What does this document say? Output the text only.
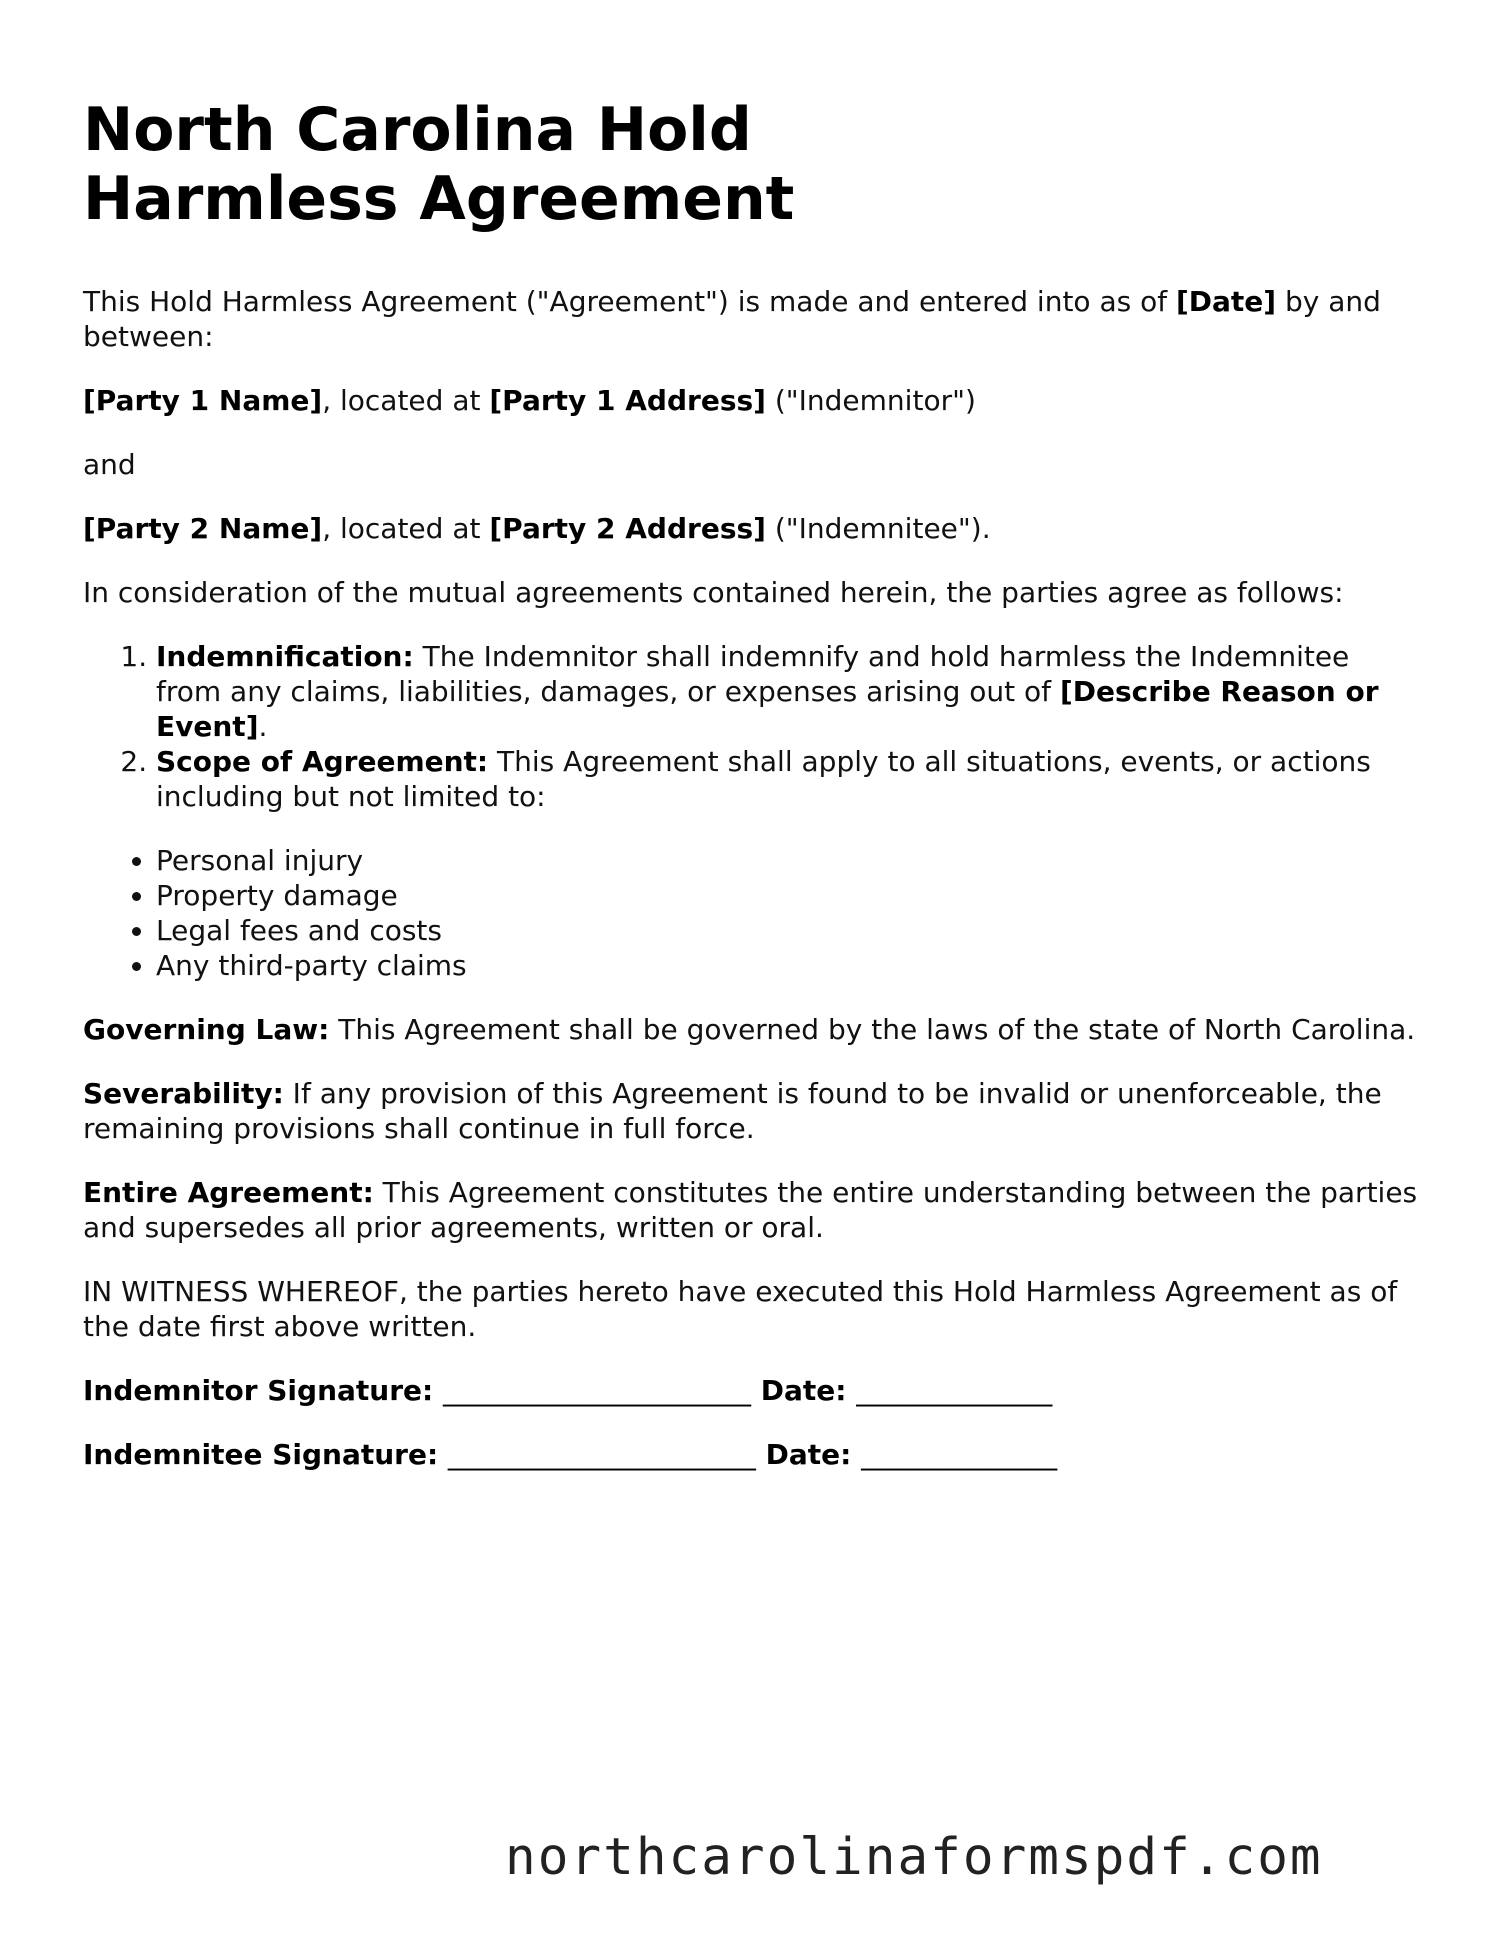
North Carolina Hold Harmless Agreement

This Hold Harmless Agreement ("Agreement") is made and entered into as of [Date] by and between:

[Party 1 Name], located at [Party 1 Address] ("Indemnitor")

and

[Party 2 Name], located at [Party 2 Address] ("Indemnitee").

In consideration of the mutual agreements contained herein, the parties agree as follows:

1. Indemnification: The Indemnitor shall indemnify and hold harmless the Indemnitee from any claims, liabilities, damages, or expenses arising out of [Describe Reason or Event].
2. Scope of Agreement: This Agreement shall apply to all situations, events, or actions including but not limited to:
• Personal injury
• Property damage
• Legal fees and costs
• Any third-party claims

Governing Law: This Agreement shall be governed by the laws of the state of North Carolina.

Severability: If any provision of this Agreement is found to be invalid or unenforceable, the remaining provisions shall continue in full force.

Entire Agreement: This Agreement constitutes the entire understanding between the parties and supersedes all prior agreements, written or oral.

IN WITNESS WHEREOF, the parties hereto have executed this Hold Harmless Agreement as of the date first above written.

Indemnitor Signature: ______________________ Date: ______________

Indemnitee Signature: ______________________ Date: ______________

northcarolinaformspdf.com
